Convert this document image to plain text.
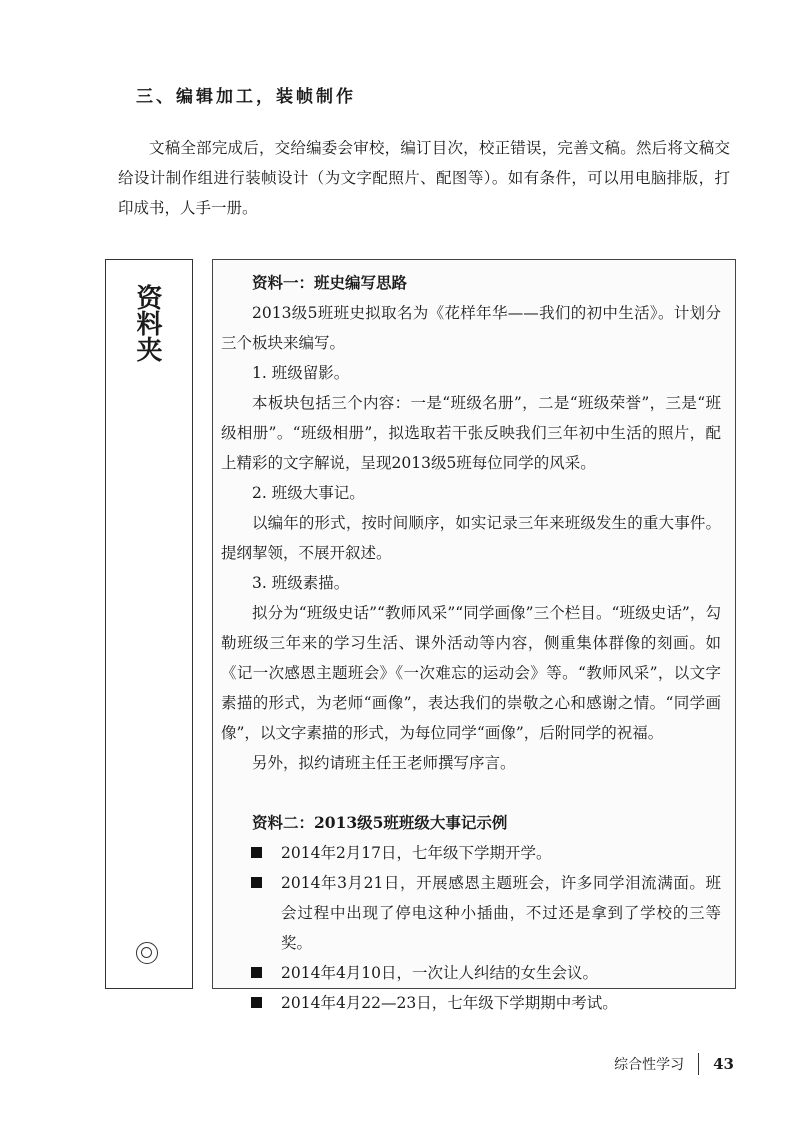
三、编辑加工，装帧制作

文稿全部完成后，交给编委会审校，编订目次，校正错误，完善文稿。然后将文稿交给设计制作组进行装帧设计（为文字配照片、配图等）。如有条件，可以用电脑排版，打印成书，人手一册。

资料夹
资料一：班史编写思路

2013级5班班史拟取名为《花样年华——我们的初中生活》。计划分三个板块来编写。

1. 班级留影。

本板块包括三个内容：一是“班级名册”，二是“班级荣誉”，三是“班级相册”。“班级相册”，拟选取若干张反映我们三年初中生活的照片，配上精彩的文字解说，呈现2013级5班每位同学的风采。

2. 班级大事记。

以编年的形式，按时间顺序，如实记录三年来班级发生的重大事件。提纲挈领，不展开叙述。

3. 班级素描。

拟分为“班级史话”“教师风采”“同学画像”三个栏目。“班级史话”，勾勒班级三年来的学习生活、课外活动等内容，侧重集体群像的刻画。如《记一次感恩主题班会》《一次难忘的运动会》等。“教师风采”，以文字素描的形式，为老师“画像”，表达我们的崇敬之心和感谢之情。“同学画像”，以文字素描的形式，为每位同学“画像”，后附同学的祝福。

另外，拟约请班主任王老师撰写序言。

资料二：2013级5班班级大事记示例
2014年2月17日，七年级下学期开学。
2014年3月21日，开展感恩主题班会，许多同学泪流满面。班会过程中出现了停电这种小插曲，不过还是拿到了学校的三等奖。
2014年4月10日，一次让人纠结的女生会议。
2014年4月22—23日，七年级下学期期中考试。
综合性学习 43
